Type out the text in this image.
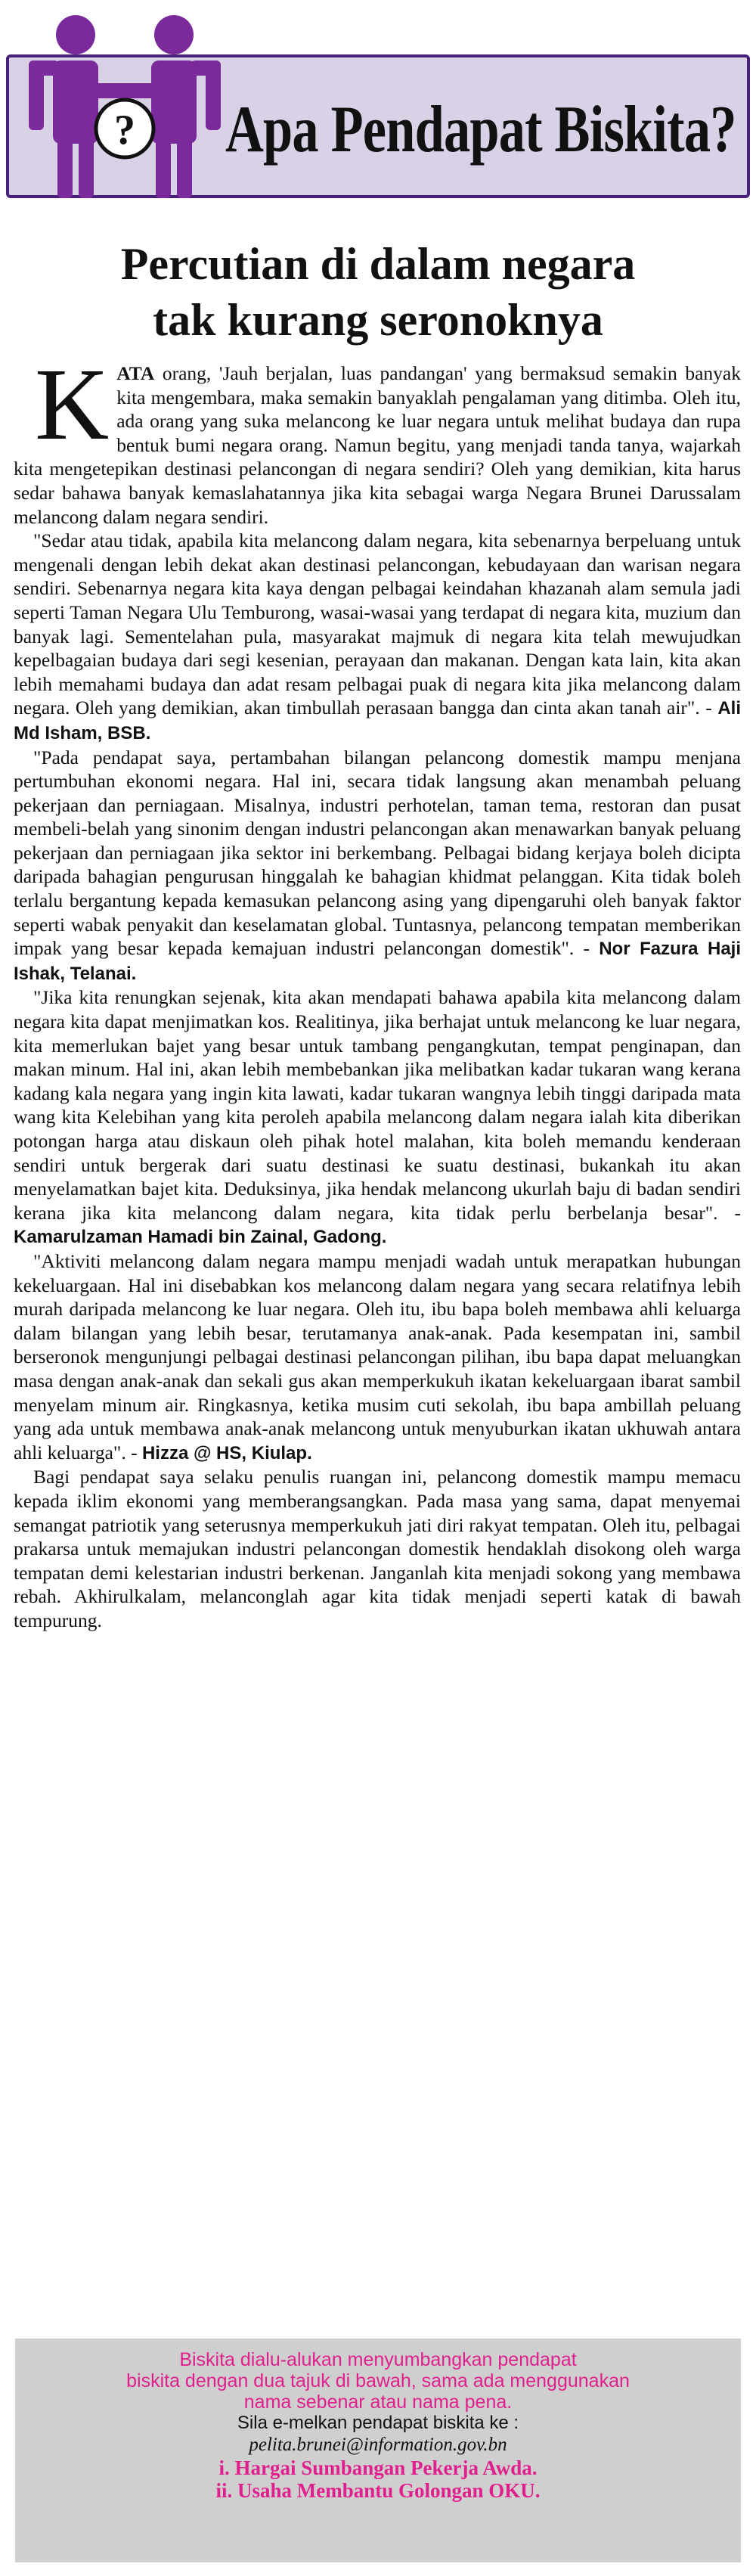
? Apa Pendapat Biskita?
Percutian di dalam negara
tak kurang seronoknya

KATA orang, 'Jauh berjalan, luas pandangan' yang bermaksud semakin banyak kita mengembara, maka semakin banyaklah pengalaman yang ditimba. Oleh itu, ada orang yang suka melancong ke luar negara untuk melihat budaya dan rupa bentuk bumi negara orang. Namun begitu, yang menjadi tanda tanya, wajarkah kita mengetepikan destinasi pelancongan di negara sendiri? Oleh yang demikian, kita harus sedar bahawa banyak kemaslahatannya jika kita sebagai warga Negara Brunei Darussalam melancong dalam negara sendiri.

"Sedar atau tidak, apabila kita melancong dalam negara, kita sebenarnya berpeluang untuk mengenali dengan lebih dekat akan destinasi pelancongan, kebudayaan dan warisan negara sendiri. Sebenarnya negara kita kaya dengan pelbagai keindahan khazanah alam semula jadi seperti Taman Negara Ulu Temburong, wasai-wasai yang terdapat di negara kita, muzium dan banyak lagi. Sementelahan pula, masyarakat majmuk di negara kita telah mewujudkan kepelbagaian budaya dari segi kesenian, perayaan dan makanan. Dengan kata lain, kita akan lebih memahami budaya dan adat resam pelbagai puak di negara kita jika melancong dalam negara. Oleh yang demikian, akan timbullah perasaan bangga dan cinta akan tanah air". - Ali Md Isham, BSB.

"Pada pendapat saya, pertambahan bilangan pelancong domestik mampu menjana pertumbuhan ekonomi negara. Hal ini, secara tidak langsung akan menambah peluang pekerjaan dan perniagaan. Misalnya, industri perhotelan, taman tema, restoran dan pusat membeli-belah yang sinonim dengan industri pelancongan akan menawarkan banyak peluang pekerjaan dan perniagaan jika sektor ini berkembang. Pelbagai bidang kerjaya boleh dicipta daripada bahagian pengurusan hinggalah ke bahagian khidmat pelanggan. Kita tidak boleh terlalu bergantung kepada kemasukan pelancong asing yang dipengaruhi oleh banyak faktor seperti wabak penyakit dan keselamatan global. Tuntasnya, pelancong tempatan memberikan impak yang besar kepada kemajuan industri pelancongan domestik". - Nor Fazura Haji Ishak, Telanai.

"Jika kita renungkan sejenak, kita akan mendapati bahawa apabila kita melancong dalam negara kita dapat menjimatkan kos. Realitinya, jika berhajat untuk melancong ke luar negara, kita memerlukan bajet yang besar untuk tambang pengangkutan, tempat penginapan, dan makan minum. Hal ini, akan lebih membebankan jika melibatkan kadar tukaran wang kerana kadang kala negara yang ingin kita lawati, kadar tukaran wangnya lebih tinggi daripada mata wang kita Kelebihan yang kita peroleh apabila melancong dalam negara ialah kita diberikan potongan harga atau diskaun oleh pihak hotel malahan, kita boleh memandu kenderaan sendiri untuk bergerak dari suatu destinasi ke suatu destinasi, bukankah itu akan menyelamatkan bajet kita. Deduksinya, jika hendak melancong ukurlah baju di badan sendiri kerana jika kita melancong dalam negara, kita tidak perlu berbelanja besar". - Kamarulzaman Hamadi bin Zainal, Gadong.

"Aktiviti melancong dalam negara mampu menjadi wadah untuk merapatkan hubungan kekeluargaan. Hal ini disebabkan kos melancong dalam negara yang secara relatifnya lebih murah daripada melancong ke luar negara. Oleh itu, ibu bapa boleh membawa ahli keluarga dalam bilangan yang lebih besar, terutamanya anak-anak. Pada kesempatan ini, sambil berseronok mengunjungi pelbagai destinasi pelancongan pilihan, ibu bapa dapat meluangkan masa dengan anak-anak dan sekali gus akan memperkukuh ikatan kekeluargaan ibarat sambil menyelam minum air. Ringkasnya, ketika musim cuti sekolah, ibu bapa ambillah peluang yang ada untuk membawa anak-anak melancong untuk menyuburkan ikatan ukhuwah antara ahli keluarga". - Hizza @ HS, Kiulap.

Bagi pendapat saya selaku penulis ruangan ini, pelancong domestik mampu memacu kepada iklim ekonomi yang memberangsangkan. Pada masa yang sama, dapat menyemai semangat patriotik yang seterusnya memperkukuh jati diri rakyat tempatan. Oleh itu, pelbagai prakarsa untuk memajukan industri pelancongan domestik hendaklah disokong oleh warga tempatan demi kelestarian industri berkenan. Janganlah kita menjadi sokong yang membawa rebah. Akhirulkalam, melanconglah agar kita tidak menjadi seperti katak di bawah tempurung.

Biskita dialu-alukan menyumbangkan pendapat
biskita dengan dua tajuk di bawah, sama ada menggunakan
nama sebenar atau nama pena.
Sila e-melkan pendapat biskita ke :
pelita.brunei@information.gov.bn
i. Hargai Sumbangan Pekerja Awda.
ii. Usaha Membantu Golongan OKU.
